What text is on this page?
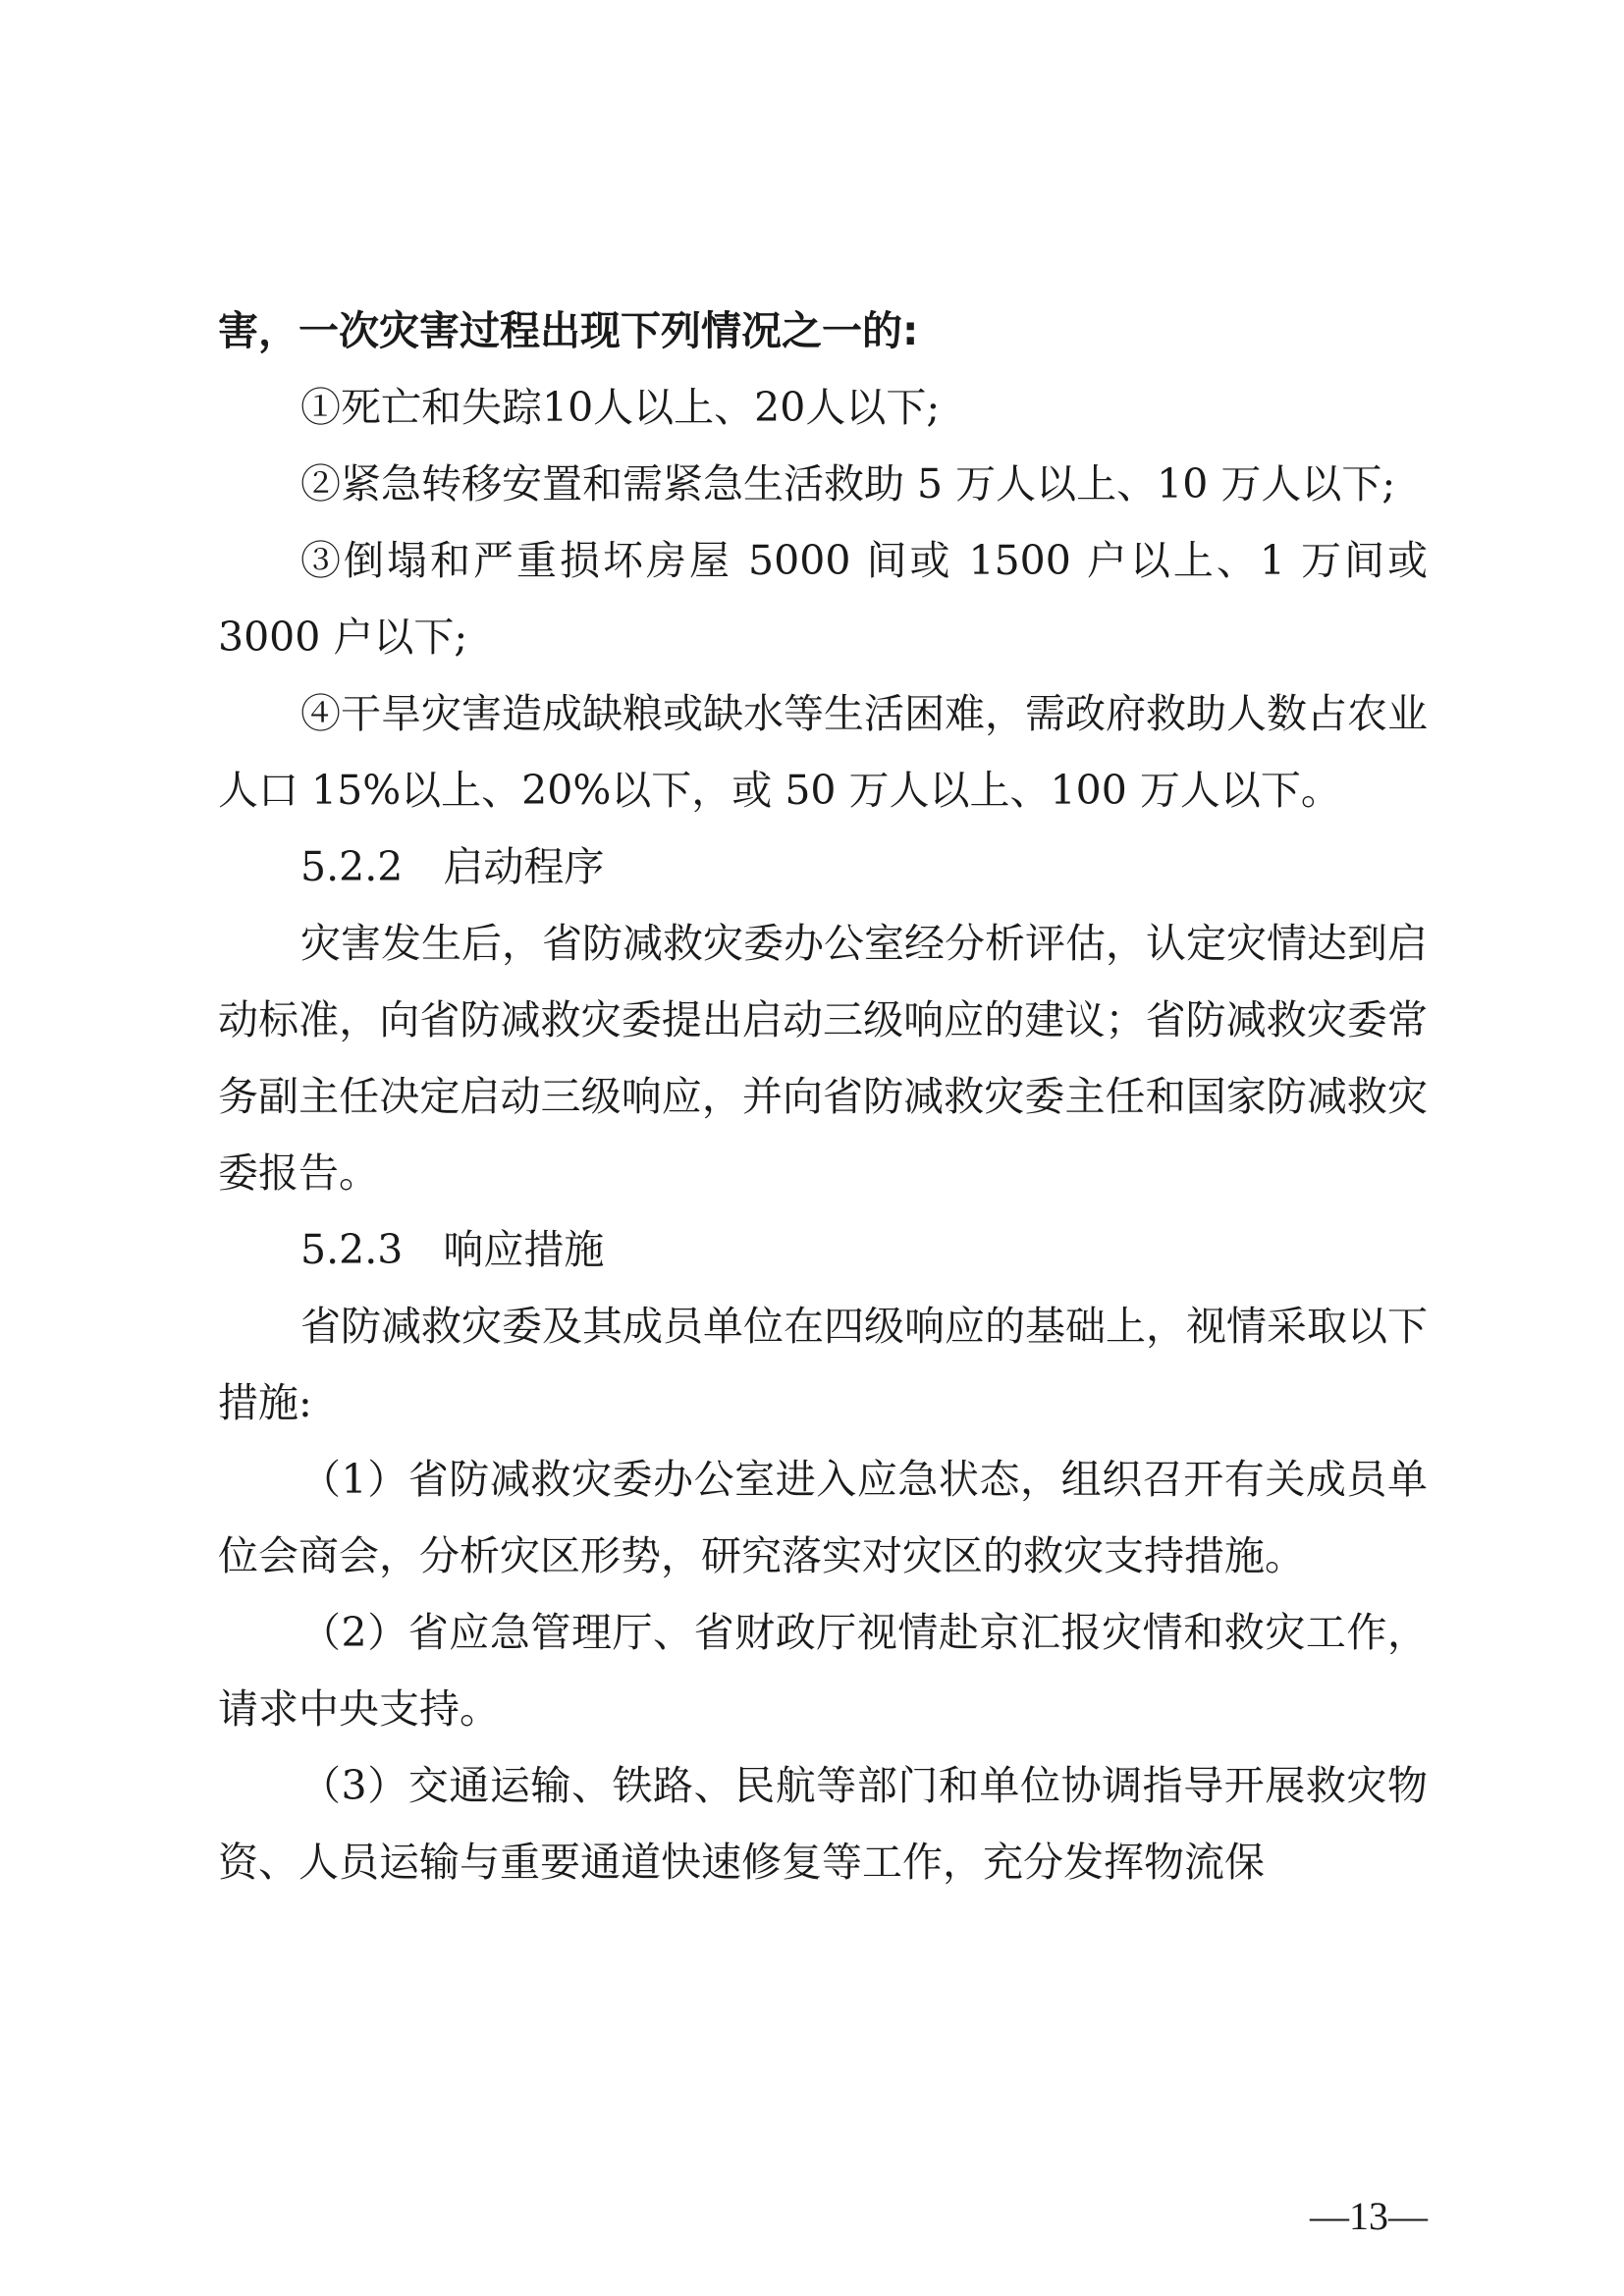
害，一次灾害过程出现下列情况之一的:

①死亡和失踪10人以上、20人以下;

②紧急转移安置和需紧急生活救助 5 万人以上、10 万人以下;

③倒塌和严重损坏房屋 5000 间或 1500 户以上、1 万间或 3000 户以下;

④干旱灾害造成缺粮或缺水等生活困难，需政府救助人数占农业人口 15%以上、20%以下，或 50 万人以上、100 万人以下。

5.2.2　启动程序

灾害发生后，省防减救灾委办公室经分析评估，认定灾情达到启动标准，向省防减救灾委提出启动三级响应的建议；省防减救灾委常务副主任决定启动三级响应，并向省防减救灾委主任和国家防减救灾委报告。

5.2.3　响应措施

省防减救灾委及其成员单位在四级响应的基础上，视情采取以下措施:

（1）省防减救灾委办公室进入应急状态，组织召开有关成员单位会商会，分析灾区形势，研究落实对灾区的救灾支持措施。

（2）省应急管理厅、省财政厅视情赴京汇报灾情和救灾工作，请求中央支持。

（3）交通运输、铁路、民航等部门和单位协调指导开展救灾物资、人员运输与重要通道快速修复等工作，充分发挥物流保

—13—
